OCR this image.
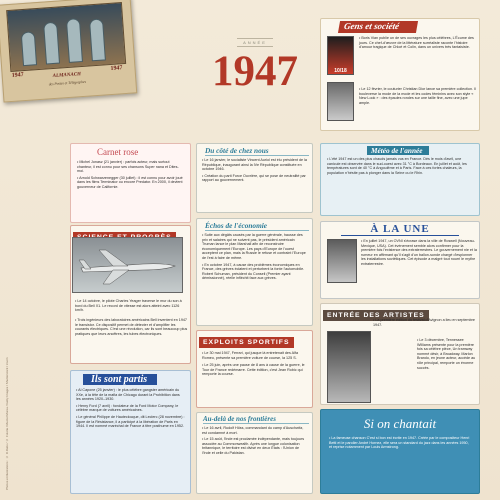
Photos et illustrations : © D.Dalio / © Fotolia / Marcel Morea / Getty Images / Shutterstock / Zoom
1947
1947
ALMANACH
des Postes et Télégraphes
ANNÉE
1947
Gens et société
10/18
• Boris Vian publie un de ses ouvrages les plus célèbres, L'Écume des jours. Ce chef-d'œuvre de la littérature surréaliste raconte l'histoire d'amour tragique de Chloé et Colin, dans un univers très fantaisiste.
• Le 12 février, le couturier Christian Dior lance sa première collection. Il bouleverse la mode de la mode et les codes féminins avec son style « New Look » : des épaules rondes sur une taille fine, avec une jupe ample.
Carnet rose
• Michel Jonasz (21 janvier) : parfois acteur, mais surtout chanteur, il est connu pour ses chansons Super nana et Dites-moi.
• Arnold Schwarzenegger (30 juillet) : il est connu pour avoir joué dans les films Terminator ou encore Predator. En 2000, il devient gouverneur de Californie.
Du côté de chez nous
• Le 16 janvier, le socialiste Vincent Auriol est élu président de la République, inaugurant ainsi la IVe République constituée en octobre 1946.
• Création du parti Force Ouvrière, qui se pose de neutralité par rapport au gouvernement.
Météo de l'année
• L'été 1947 est un des plus chauds jamais vus en France. Dès le mois d'avril, une canicule est observée dans le sud-ouest avec 31 °C à Bordeaux. En juillet et août, les températures sont de 40 °C à Angoulême et à Paris. Face à ces fortes chaleurs, la population n'hésite pas à plonger dans la Seine ou le Rhin.
• Le 14 octobre, le pilote Charles Yeager traverse le mur du son à bord du Bell X1. Le record de vitesse est alors atteint avec 1126 km/h.
• Trois ingénieurs des laboratoires américains Bell inventent en 1947 le transistor. Ce dispositif permet de détecter et d'amplifier les courants électriques. C'est une révolution, car ils sont beaucoup plus pratiques que leurs ancêtres, les tubes électroniques.
Échos de l'économie
• Suite aux dégâts causés par la guerre générale, hausse des prix et salaires qui ne suivent pas, le président américain Truman lance le plan Marshall afin de reconstruire économiquement l'Europe. Les pays d'Europe de l'ouest acceptent ce plan, mais la Russie le refuse et contraint l'Europe de l'est à faire de même.
• En octobre 1947, à cause des problèmes économiques en France, des grèves éclatent et perturbent la fonte l'automobile. Robert Schuman, président du Conseil (Premier ayant démissionné), réelle infléchit face aux grèves.
À LA UNE
• En juillet 1947, un OVNI s'écrase dans la ville de Roswell (Nouveau-Mexique, USA). Cet événement semble alors confirmer pour la première fois l'existence des extraterrestres. Le gouvernement nie et la rumeur en affirmant qu'il s'agit d'un ballon-sonde chargé d'espionner les installations soviétiques. Cet épisode a malgré tout nourri le mythe extraterrestre.
EXPLOITS SPORTIFS
• Le 30 mai 1947, Ferrari, qui jusque là entretenait des Alfa Romeo, présente sa première voiture de course, la 125 S.
• Le 25 juin, après une pause de 8 ans à cause de la guerre, le Tour de France redémarre. Cette édition, c'est Jean Robic qui remporte la course.
ENTRÉE DES ARTISTES
• La première édition du festival d'Avignon a lieu en septembre 1947.
• Le 3 décembre, Tennessee Williams présente pour la première fois sa célèbre pièce, Un tramway nommé désir, à Broadway. Marlon Brando, en jeune acteur, accède au rôle principal, remporte un énorme succès.
Ils sont partis
• Al Capone (25 janvier) : le plus célèbre gangster américain du XXe, à la tête de la mafia de Chicago durant la Prohibition dans les années 1920–1930.
• Henry Ford (7 avril) : fondateur de la Ford Motor Company, le célèbre marque de voitures américaines.
• Le général Philippe de Hauteclocque, dit Leclerc (28 novembre) : figure de la Résistance, il a participé à la libération de Paris en 1944. Il est nommé maréchal de France à titre posthume en 1952.
Au-delà de nos frontières
• Le 16 avril, Rudolf Höss, commandant du camp d'Auschwitz, est condamné à mort.
• Le 15 août, l'Inde est proclamée indépendante, mais toujours associée au Commonwealth. Après une longue colonisation britannique, le territoire est divisé en deux États : l'Union de l'Inde et celle du Pakistan.
Si on chantait
• La fameuse chanson C'est si bon est écrite en 1947. Créée par le compositeur Henri Betti et le parolier André Hornez, elle sera un standard du jazz dans les années 1950, et reprise notamment par Louis Armstrong.
